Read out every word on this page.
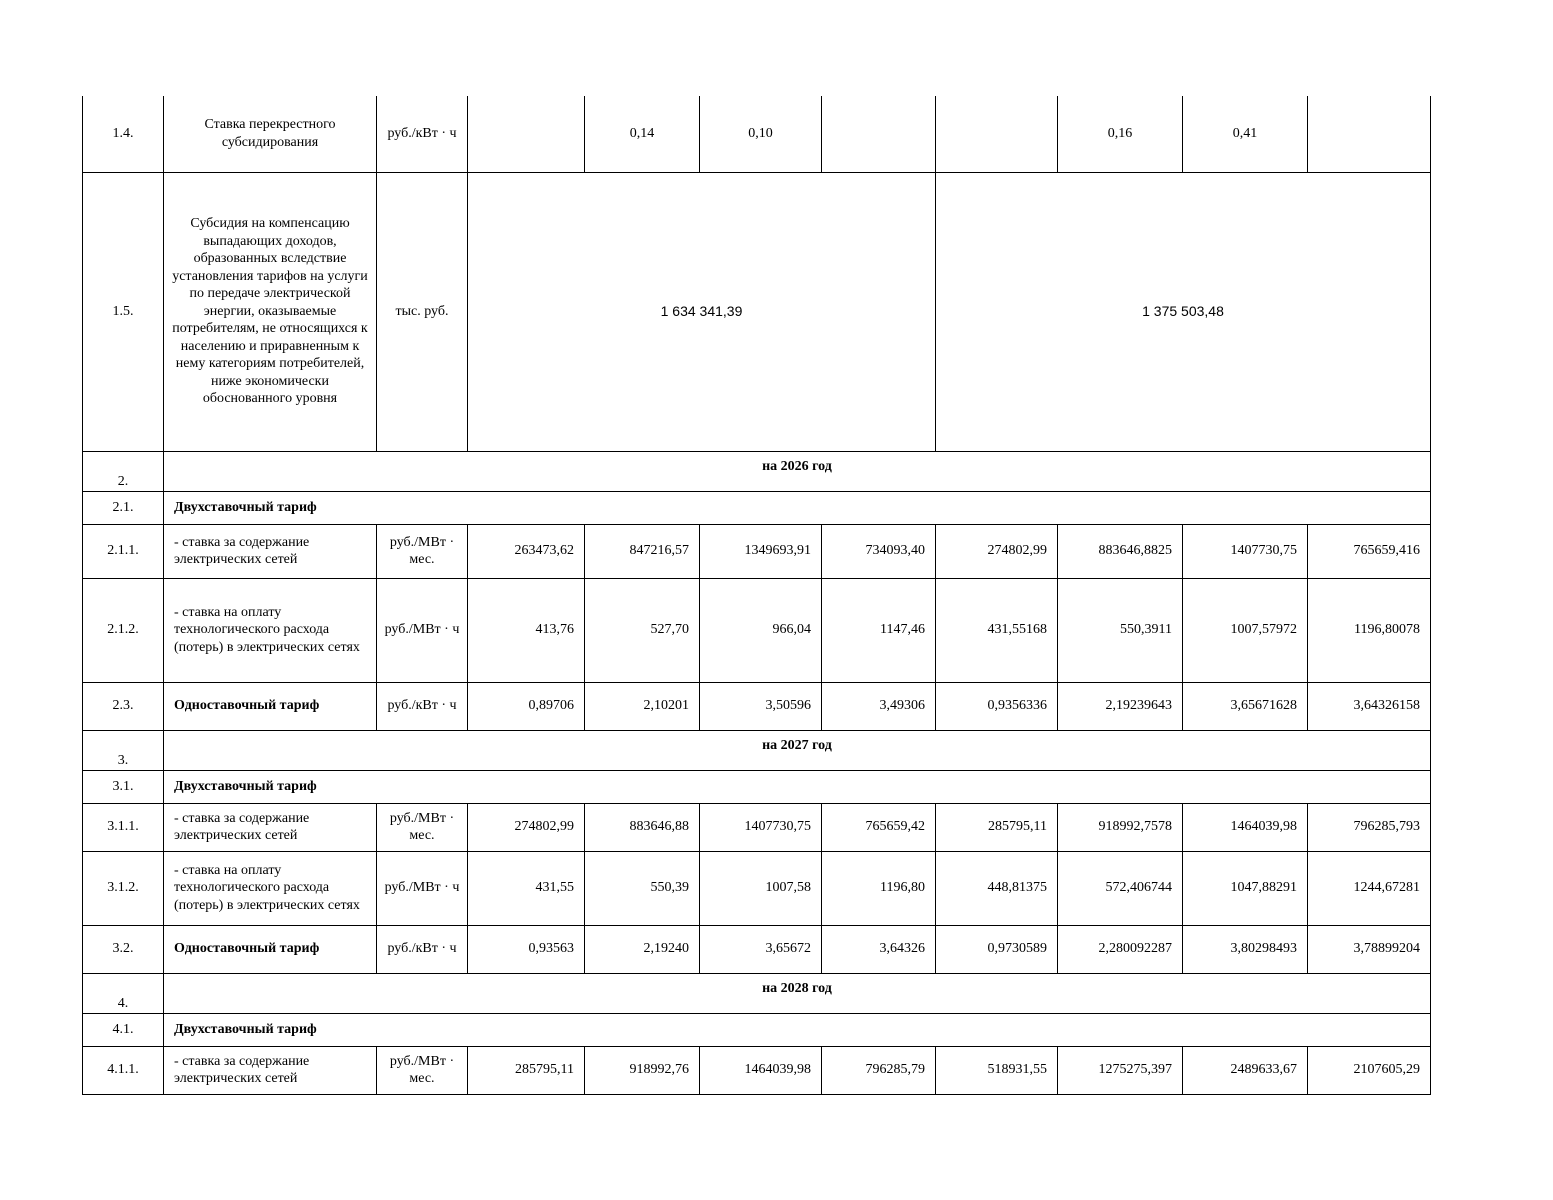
1.4.	Ставка перекрестного субсидирования	руб./кВт · ч		0,14	0,10			0,16	0,41	
1.5.	Субсидия на компенсацию выпадающих доходов, образованных вследствие установления тарифов на услуги по передаче электрической энергии, оказываемые потребителям, не относящихся к населению и приравненным к нему категориям потребителей, ниже экономически обоснованного уровня	тыс. руб.	1 634 341,39				1 375 503,48			
2.	на 2026 год									
2.1.	Двухставочный тариф									
2.1.1.	- ставка за содержание электрических сетей	руб./МВт · мес.	263473,62	847216,57	1349693,91	734093,40	274802,99	883646,8825	1407730,75	765659,416
2.1.2.	- ставка на оплату технологического расхода (потерь) в электрических сетях	руб./МВт · ч	413,76	527,70	966,04	1147,46	431,55168	550,3911	1007,57972	1196,80078
2.3.	Одноставочный тариф	руб./кВт · ч	0,89706	2,10201	3,50596	3,49306	0,9356336	2,19239643	3,65671628	3,64326158
3.	на 2027 год									
3.1.	Двухставочный тариф									
3.1.1.	- ставка за содержание электрических сетей	руб./МВт · мес.	274802,99	883646,88	1407730,75	765659,42	285795,11	918992,7578	1464039,98	796285,793
3.1.2.	- ставка на оплату технологического расхода (потерь) в электрических сетях	руб./МВт · ч	431,55	550,39	1007,58	1196,80	448,81375	572,406744	1047,88291	1244,67281
3.2.	Одноставочный тариф	руб./кВт · ч	0,93563	2,19240	3,65672	3,64326	0,9730589	2,280092287	3,80298493	3,78899204
4.	на 2028 год									
4.1.	Двухставочный тариф									
4.1.1.	- ставка за содержание электрических сетей	руб./МВт · мес.	285795,11	918992,76	1464039,98	796285,79	518931,55	1275275,397	2489633,67	2107605,29
